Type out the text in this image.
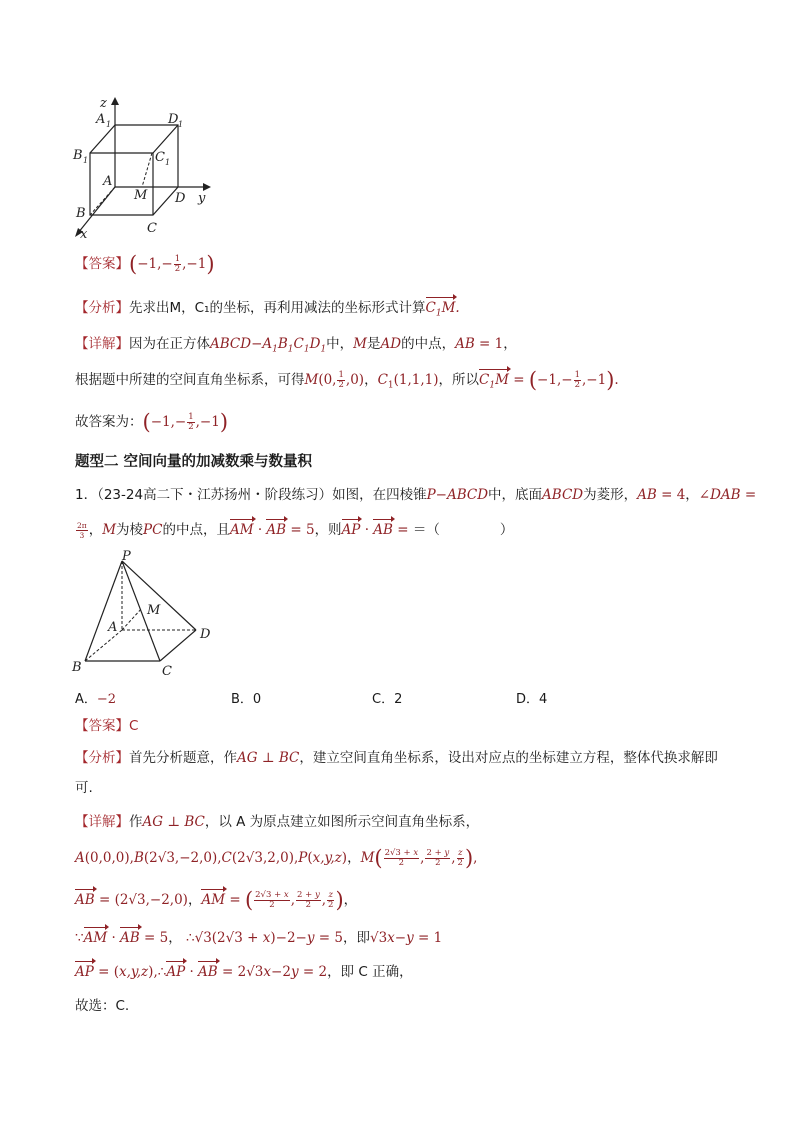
z
A 1	D 1
B 1	C 1
A
M D y
B
C
x
【答案】$(-1,- \frac{1}{2} ,-1)$
【分析】先求出M，C₁的坐标，再利用减法的坐标形式计算$C_1M$.
【详解】因为在正方体$ABCD-A_1B_1C_1D_1$中，M是AD的中点，AB = 1，
根据题中所建的空间直角坐标系，可得M(0, $\frac{1}{2} ,0$)，$C_1(1,1,1)$，所以$C_1M = (-1,- \frac{1}{2} ,-1)$.
故答案为：$(-1,- \frac{1}{2} ,-1)$
题型二 空间向量的加减数乘与数量积
1．（23-24高二下・江苏扬州・阶段练习）如图，在四棱锥P−ABCD中，底面ABCD为菱形，AB = 4，∠DAB =
$\frac{2\pi}{3}$ ，M为棱PC的中点，且AM · AB = 5，则AP · AB = ＝（	）
P
M
A	D
B	C
A．−2	B．0	C．2	D．4
【答案】C
【分析】首先分析题意，作AG ⊥ BC，建立空间直角坐标系，设出对应点的坐标建立方程，整体代换求解即
可.
【详解】作AG ⊥ BC，以 A 为原点建立如图所示空间直角坐标系，
A(0,0,0),B(2√3,−2,0),C(2√3,2,0),P(x,y,z)，$M( \frac{2√3 + x}{2}$ , $\frac{2 + y}{2}$ , $\frac{z}{2}$ ),
AB = (2√3,−2,0)，AM = ( $\frac{2√3 + x}{2}$ , $\frac{2 + y}{2}$ , $\frac{z}{2}$ )，
∵AM · AB = 5， ∴√3(2√3 + x)−2−y = 5，即√3x−y = 1
AP = (x,y,z),∴AP · AB = 2√3x−2y = 2，即 C 正确，
故选：C.
